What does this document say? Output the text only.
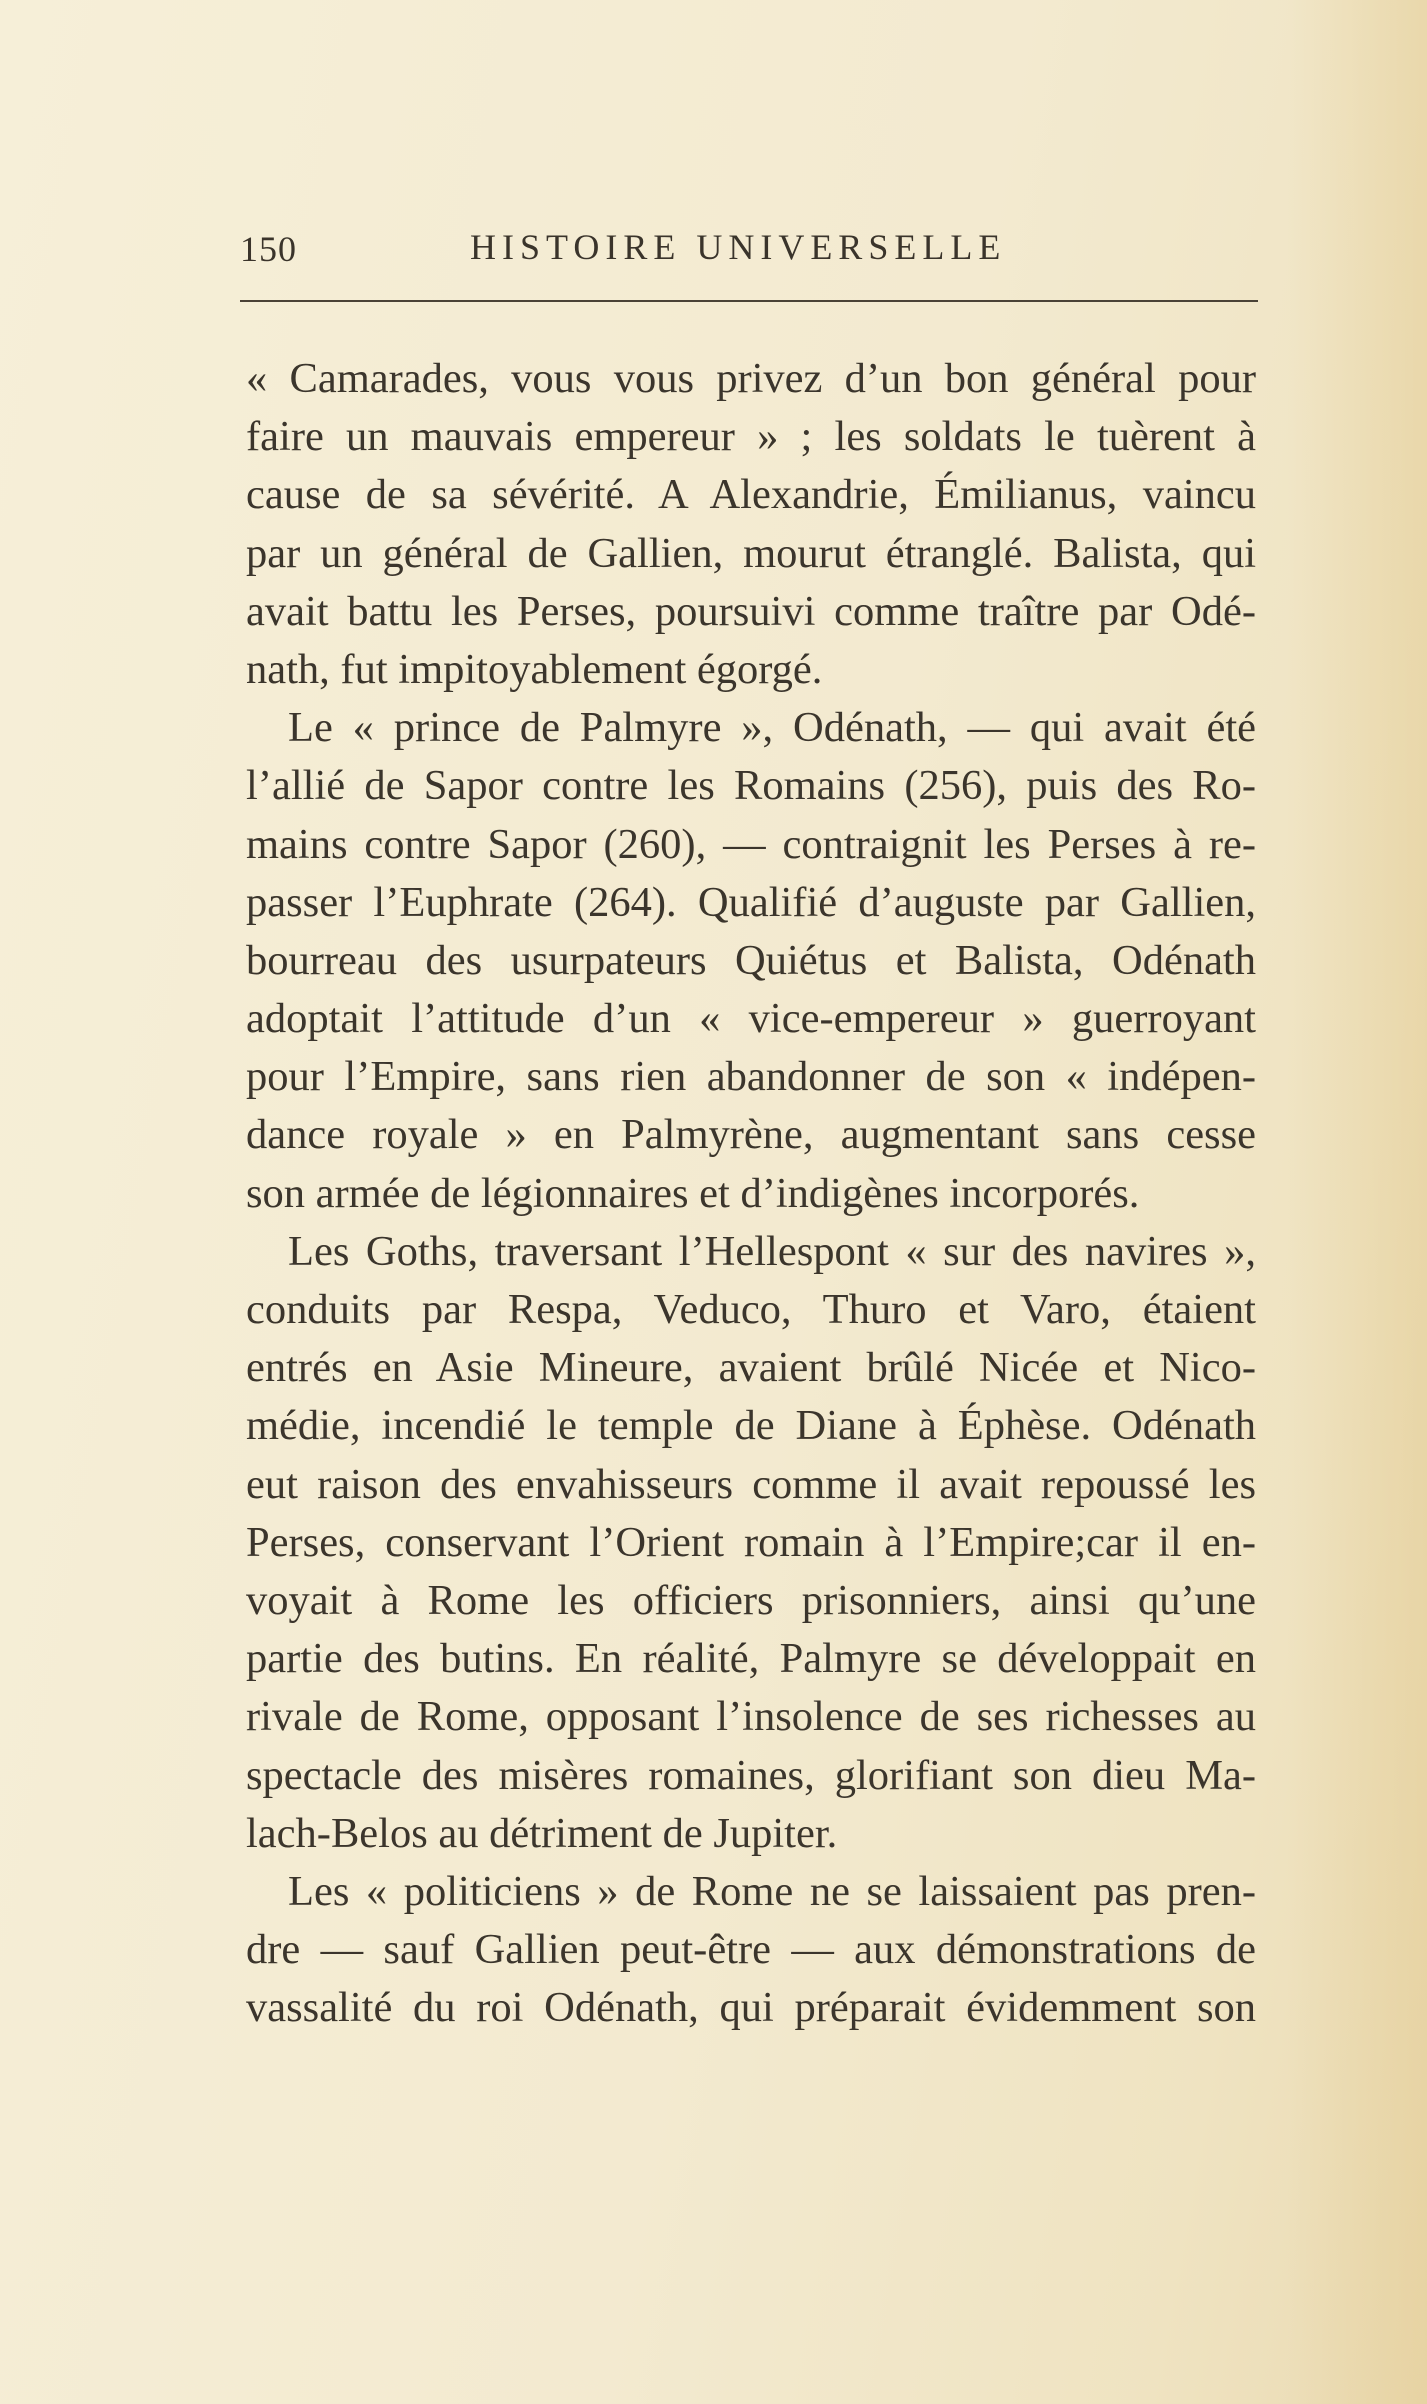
150	HISTOIRE UNIVERSELLE
« Camarades, vous vous privez d’un bon général pour
faire un mauvais empereur » ; les soldats le tuèrent à
cause de sa sévérité. A Alexandrie, Émilianus, vaincu
par un général de Gallien, mourut étranglé. Balista, qui
avait battu les Perses, poursuivi comme traître par Odé-
nath, fut impitoyablement égorgé.
Le « prince de Palmyre », Odénath, — qui avait été
l’allié de Sapor contre les Romains (256), puis des Ro-
mains contre Sapor (260), — contraignit les Perses à re-
passer l’Euphrate (264). Qualifié d’auguste par Gallien,
bourreau des usurpateurs Quiétus et Balista, Odénath
adoptait l’attitude d’un « vice-empereur » guerroyant
pour l’Empire, sans rien abandonner de son « indépen-
dance royale » en Palmyrène, augmentant sans cesse
son armée de légionnaires et d’indigènes incorporés.
Les Goths, traversant l’Hellespont « sur des navires »,
conduits par Respa, Veduco, Thuro et Varo, étaient
entrés en Asie Mineure, avaient brûlé Nicée et Nico-
médie, incendié le temple de Diane à Éphèse. Odénath
eut raison des envahisseurs comme il avait repoussé les
Perses, conservant l’Orient romain à l’Empire;car il en-
voyait à Rome les officiers prisonniers, ainsi qu’une
partie des butins. En réalité, Palmyre se développait en
rivale de Rome, opposant l’insolence de ses richesses au
spectacle des misères romaines, glorifiant son dieu Ma-
lach-Belos au détriment de Jupiter.
Les « politiciens » de Rome ne se laissaient pas pren-
dre — sauf Gallien peut-être — aux démonstrations de
vassalité du roi Odénath, qui préparait évidemment son
